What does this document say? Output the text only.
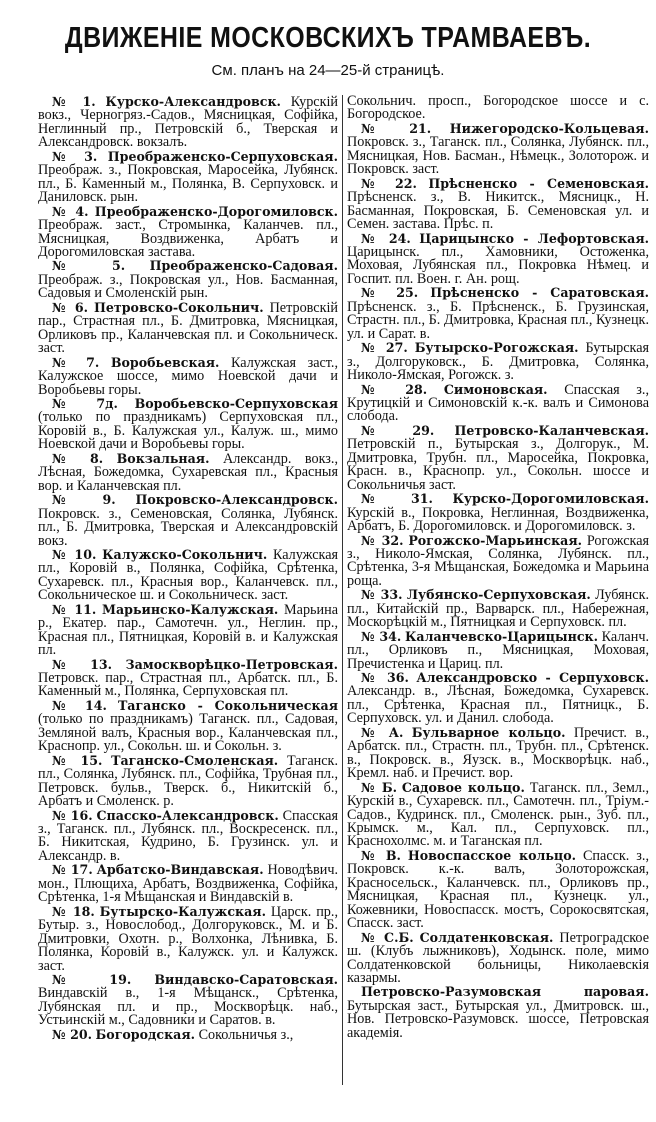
ДВИЖЕНІЕ МОСКОВСКИХЪ ТРАМВАЕВЪ.
См. планъ на 24—25-й страницѣ.

№ 1. Курско-Александровск. Курскій вокз., Черногряз.-Садов., Мясницкая, Софійка, Неглинный пр., Петровскій б., Тверская и Александровск. вокзалъ.

№ 3. Преображенско-Серпуховская. Преображ. з., Покровская, Маросейка, Лубянск. пл., Б. Каменный м., Полянка, В. Серпуховск. и Даниловск. рын.

№ 4. Преображенско-Дорогомиловск. Преображ. заст., Стромынка, Каланчев. пл., Мясницкая, Воздвиженка, Арбатъ и Дорогомиловская застава.

№ 5. Преображенско-Садовая. Преображ. з., Покровская ул., Нов. Басманная, Садовыя и Смоленскій рын.

№ 6. Петровско-Сокольнич. Петровскій пар., Страстная пл., Б. Дмитровка, Мясницкая, Орликовъ пр., Каланчевская пл. и Сокольническ. заст.

№ 7. Воробьевская. Калужская заст., Калужское шоссе, мимо Ноевской дачи и Воробьевы горы.

№ 7д. Воробьевско-Серпуховская (только по праздникамъ) Серпуховская пл., Коровій в., Б. Калужская ул., Калуж. ш., мимо Ноевской дачи и Воробьевы горы.

№ 8. Вокзальная. Александр. вокз., Лѣсная, Божедомка, Сухаревская пл., Красныя вор. и Каланчевская пл.

№ 9. Покровско-Александровск. Покровск. з., Семеновская, Солянка, Лубянск. пл., Б. Дмитровка, Тверская и Александровскій вокз.

№ 10. Калужско-Сокольнич. Калужская пл., Коровій в., Полянка, Софійка, Срѣтенка, Сухаревск. пл., Красныя вор., Каланчевск. пл., Сокольническое ш. и Сокольническ. заст.

№ 11. Марьинско-Калужская. Марьина р., Екатер. пар., Самотечн. ул., Неглин. пр., Красная пл., Пятницкая, Коровій в. и Калужская пл.

№ 13. Замоскворѣцко-Петровская. Петровск. пар., Страстная пл., Арбатск. пл., Б. Каменный м., Полянка, Серпуховская пл.

№ 14. Таганско - Сокольническая (только по праздникамъ) Таганск. пл., Садовая, Земляной валъ, Красныя вор., Каланчевская пл., Краснопр. ул., Сокольн. ш. и Сокольн. з.

№ 15. Таганско-Смоленская. Таганск. пл., Солянка, Лубянск. пл., Софійка, Трубная пл., Петровск. бульв., Тверск. б., Никитскій б., Арбатъ и Смоленск. р.

№ 16. Спасско-Александровск. Спасская з., Таганск. пл., Лубянск. пл., Воскресенск. пл., Б. Никитская, Кудрино, Б. Грузинск. ул. и Александр. в.

№ 17. Арбатско-Виндавская. Новодѣвич. мон., Плющиха, Арбатъ, Воздвиженка, Софійка, Срѣтенка, 1-я Мѣщанская и Виндавскій в.

№ 18. Бутырско-Калужская. Царск. пр., Бутыр. з., Новослобод., Долгоруковск., М. и Б. Дмитровки, Охотн. р., Волхонка, Лѣнивка, Б. Полянка, Коровій в., Калужск. ул. и Калужск. заст.

№ 19. Виндавско-Саратовская. Виндавскій в., 1-я Мѣщанск., Срѣтенка, Лубянская пл. и пр., Москворѣцк. наб., Устьинскій м., Садовники и Саратов. в.

№ 20. Богородская. Сокольничья з.,

Сокольнич. просп., Богородское шоссе и с. Богородское.

№ 21. Нижегородско-Кольцевая. Покровск. з., Таганск. пл., Солянка, Лубянск. пл., Мясницкая, Нов. Басман., Нѣмецк., Золоторож. и Покровск. заст.

№ 22. Прѣсненско - Семеновская. Прѣсненск. з., В. Никитск., Мясницк., Н. Басманная, Покровская, Б. Семеновская ул. и Семен. застава. Прѣс. п.

№ 24. Царицынско - Лефортовская. Царицынск. пл., Хамовники, Остоженка, Моховая, Лубянская пл., Покровка Нѣмец. и Госпит. пл. Воен. г. Ан. рощ.

№ 25. Прѣсненско - Саратовская. Прѣсненск. з., Б. Прѣсненск., Б. Грузинская, Страстн. пл., Б. Дмитровка, Красная пл., Кузнецк. ул. и Сарат. в.

№ 27. Бутырско-Рогожская. Бутырская з., Долгоруковск., Б. Дмитровка, Солянка, Николо-Ямская, Рогожск. з.

№ 28. Симоновская. Спасская з., Крутицкій и Симоновскій к.-к. валъ и Симонова слобода.

№ 29. Петровско-Каланчевская. Петровскій п., Бутырская з., Долгорук., М. Дмитровка, Трубн. пл., Маросейка, Покровка, Красн. в., Краснопр. ул., Сокольн. шоссе и Сокольничья заст.

№ 31. Курско-Дорогомиловская. Курскій в., Покровка, Неглинная, Воздвиженка, Арбатъ, Б. Дорогомиловск. и Дорогомиловск. з.

№ 32. Рогожско-Марьинская. Рогожская з., Николо-Ямская, Солянка, Лубянск. пл., Срѣтенка, 3-я Мѣщанская, Божедомка и Марьина роща.

№ 33. Лубянско-Серпуховская. Лубянск. пл., Китайскій пр., Варварск. пл., Набережная, Москорѣцкій м., Пятницкая и Серпуховск. пл.

№ 34. Каланчевско-Царицынск. Каланч. пл., Орликовъ п., Мясницкая, Моховая, Пречистенка и Цариц. пл.

№ 36. Александровско - Серпуховск. Александр. в., Лѣсная, Божедомка, Сухаревск. пл., Срѣтенка, Красная пл., Пятницк., Б. Серпуховск. ул. и Данил. слобода.

№ А. Бульварное кольцо. Пречист. в., Арбатск. пл., Страстн. пл., Трубн. пл., Срѣтенск. в., Покровск. в., Яузск. в., Москворѣцк. наб., Кремл. наб. и Пречист. вор.

№ Б. Садовое кольцо. Таганск. пл., Земл., Курскій в., Сухаревск. пл., Самотечн. пл., Тріум.-Садов., Кудринск. пл., Смоленск. рын., Зуб. пл., Крымск. м., Кал. пл., Серпуховск. пл., Краснохолмс. м. и Таганская пл.

№ В. Новоспасское кольцо. Спасск. з., Покровск. к.-к. валъ, Золоторожская, Красносельск., Каланчевск. пл., Орликовъ пр., Мясницкая, Красная пл., Кузнецк. ул., Кожевники, Новоспасск. мостъ, Сорокосвятская, Спасск. заст.

№ С.Б. Солдатенковская. Петроградское ш. (Клубъ лыжниковъ), Ходынск. поле, мимо Солдатенковской больницы, Николаевскія казармы.

Петровско-Разумовская паровая. Бутырская заст., Бутырская ул., Дмитровск. ш., Нов. Петровско-Разумовск. шоссе, Петровская академія.
